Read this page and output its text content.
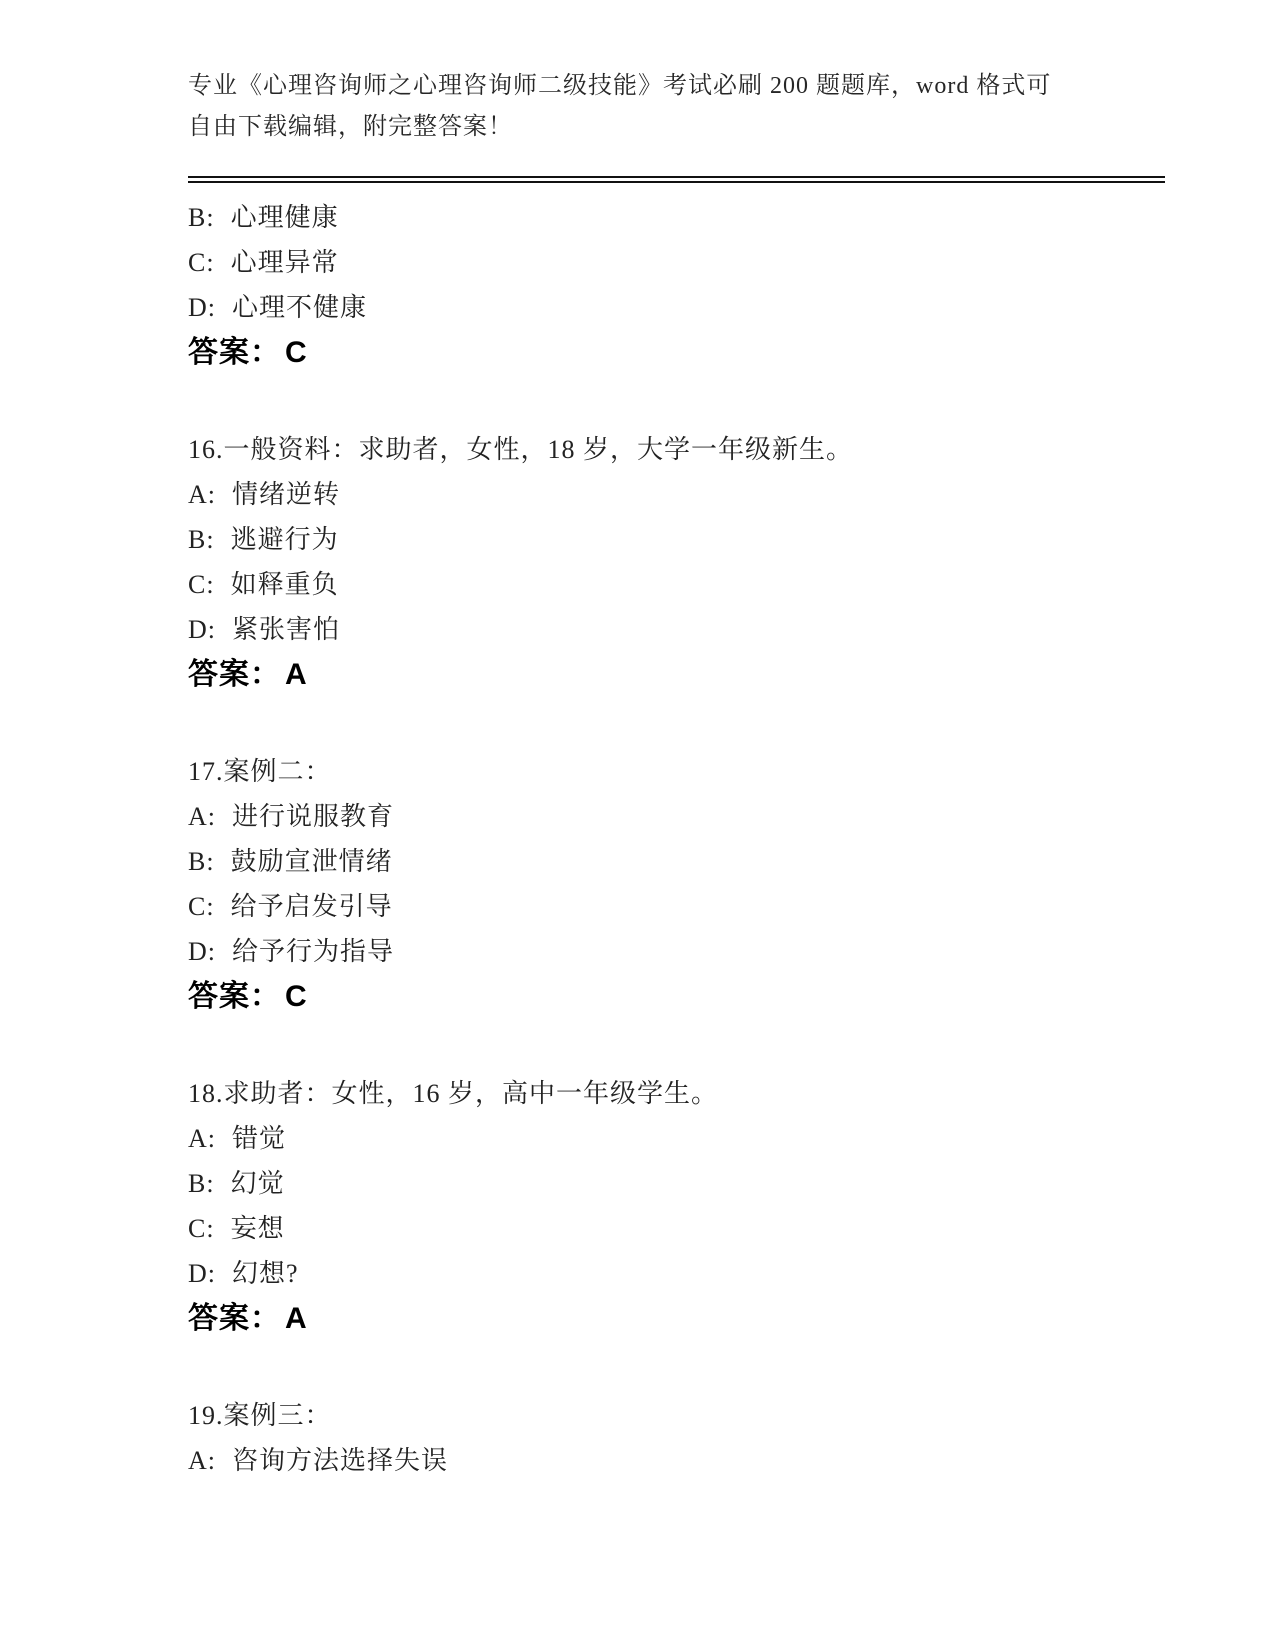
专业《心理咨询师之心理咨询师二级技能》考试必刷 200 题题库，word 格式可自由下载编辑，附完整答案！
B: 心理健康
C: 心理异常
D: 心理不健康
答案： C
16.一般资料：求助者，女性，18 岁，大学一年级新生。
A: 情绪逆转
B: 逃避行为
C: 如释重负
D: 紧张害怕
答案： A
17.案例二：
A: 进行说服教育
B: 鼓励宣泄情绪
C: 给予启发引导
D: 给予行为指导
答案： C
18.求助者：女性，16 岁，高中一年级学生。
A: 错觉
B: 幻觉
C: 妄想
D: 幻想?
答案： A
19.案例三：
A: 咨询方法选择失误
